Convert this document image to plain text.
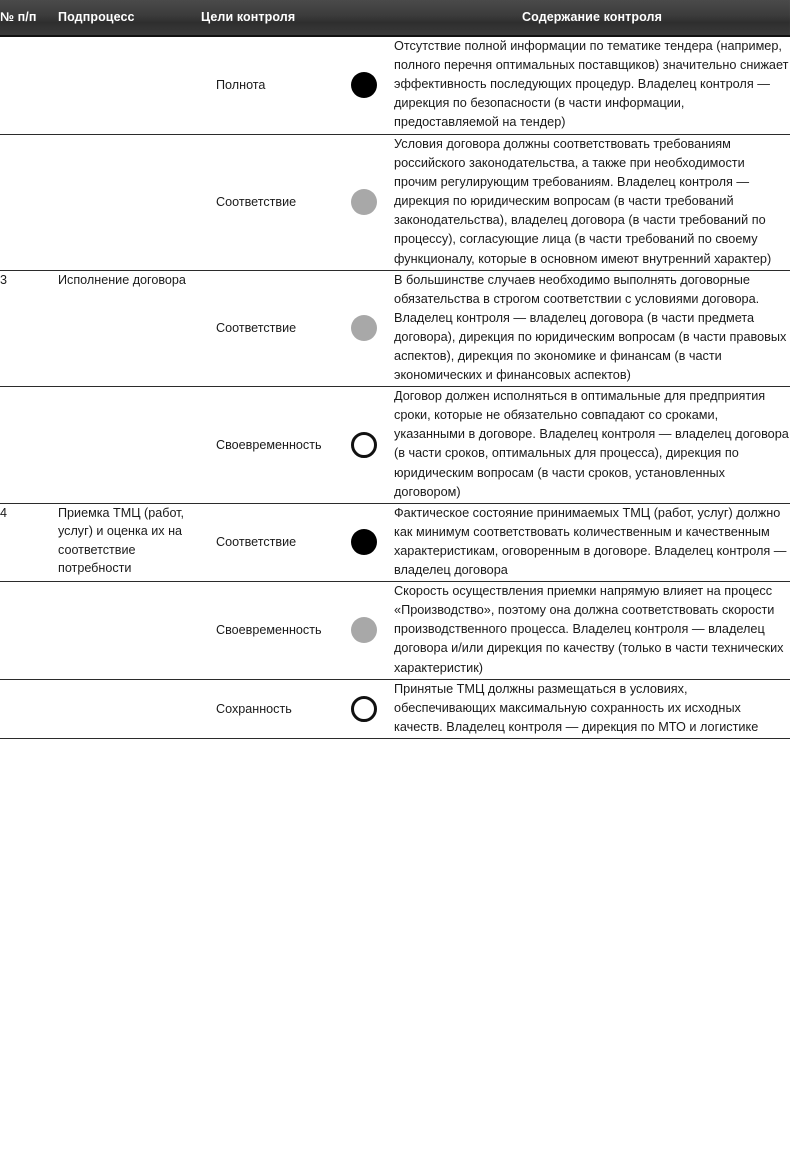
№ п/п	Подпроцесс	Цели контроля		Содержание контроля

		Полнота		Отсутствие полной информации по тематике тендера (например, полного перечня оптимальных поставщиков) значительно снижает эффективность последующих процедур. Владелец контроля — дирекция по безопасности (в части информации, предоставляемой на тендер)

		Соответствие		Условия договора должны соответствовать требованиям российского законодательства, а также при необходимости прочим регулирующим требованиям. Владелец контроля — дирекция по юридическим вопросам (в части требований законодательства), владелец договора (в части требований по процессу), согласующие лица (в части требований по своему функционалу, которые в основном имеют внутренний характер)

3	Исполнение договора	Соответствие		В большинстве случаев необходимо выполнять договорные обязательства в строгом соответствии с условиями договора. Владелец контроля — владелец договора (в части предмета договора), дирекция по юридическим вопросам (в части правовых аспектов), дирекция по экономике и финансам (в части экономических и финансовых аспектов)

		Своевременность		Договор должен исполняться в оптимальные для предприятия сроки, которые не обязательно совпадают со сроками, указанными в договоре. Владелец контроля — владелец договора (в части сроков, оптимальных для процесса), дирекция по юридическим вопросам (в части сроков, установленных договором)

4	Приемка ТМЦ (работ, услуг) и оценка их на соответствие потребности	Соответствие		Фактическое состояние принимаемых ТМЦ (работ, услуг) должно как минимум соответствовать количественным и качественным характеристикам, оговоренным в договоре. Владелец контроля — владелец договора

		Своевременность		Скорость осуществления приемки напрямую влияет на процесс «Производство», поэтому она должна соответствовать скорости производственного процесса. Владелец контроля — владелец договора и/или дирекция по качеству (только в части технических характеристик)

		Сохранность		Принятые ТМЦ должны размещаться в условиях, обеспечивающих максимальную сохранность их исходных качеств. Владелец контроля — дирекция по МТО и логистике
